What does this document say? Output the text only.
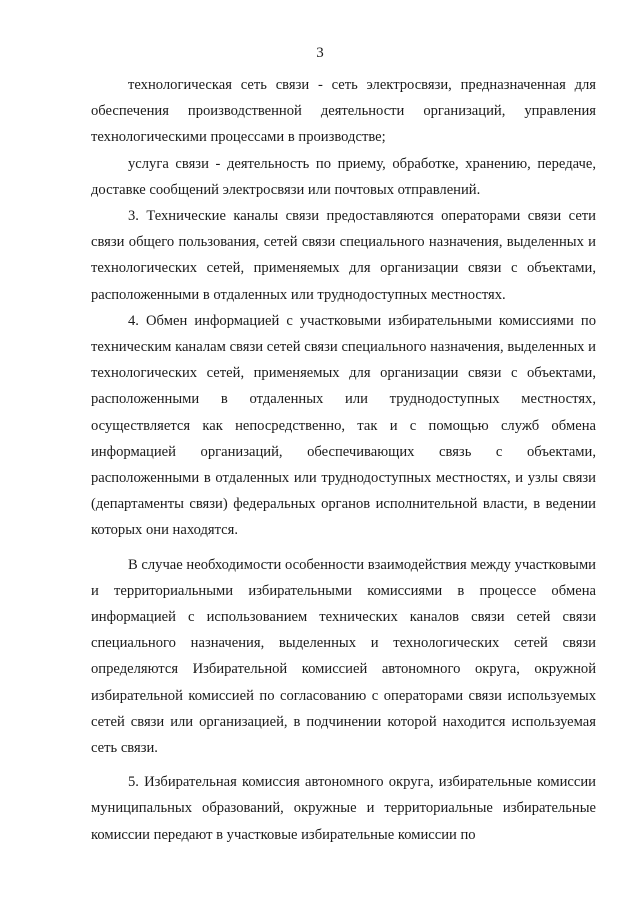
3

технологическая сеть связи - сеть электросвязи, предназначенная для обеспечения производственной деятельности организаций, управления технологическими процессами в производстве;

услуга связи - деятельность по приему, обработке, хранению, передаче, доставке сообщений электросвязи или почтовых отправлений.

3. Технические каналы связи предоставляются операторами связи сети связи общего пользования, сетей связи специального назначения, выделенных и технологических сетей, применяемых для организации связи с объектами, расположенными в отдаленных или труднодоступных местностях.

4. Обмен информацией с участковыми избирательными комиссиями по техническим каналам связи сетей связи специального назначения, выделенных и технологических сетей, применяемых для организации связи с объектами, расположенными в отдаленных или труднодоступных местностях, осуществляется как непосредственно, так и с помощью служб обмена информацией организаций, обеспечивающих связь с объектами, расположенными в отдаленных или труднодоступных местностях, и узлы связи (департаменты связи) федеральных органов исполнительной власти, в ведении которых они находятся.

В случае необходимости особенности взаимодействия между участковыми и территориальными избирательными комиссиями в процессе обмена информацией с использованием технических каналов связи сетей связи специального назначения, выделенных и технологических сетей связи определяются Избирательной комиссией автономного округа, окружной избирательной комиссией по согласованию с операторами связи используемых сетей связи или организацией, в подчинении которой находится используемая сеть связи.

5. Избирательная комиссия автономного округа, избирательные комиссии муниципальных образований, окружные и территориальные избирательные комиссии передают в участковые избирательные комиссии по
